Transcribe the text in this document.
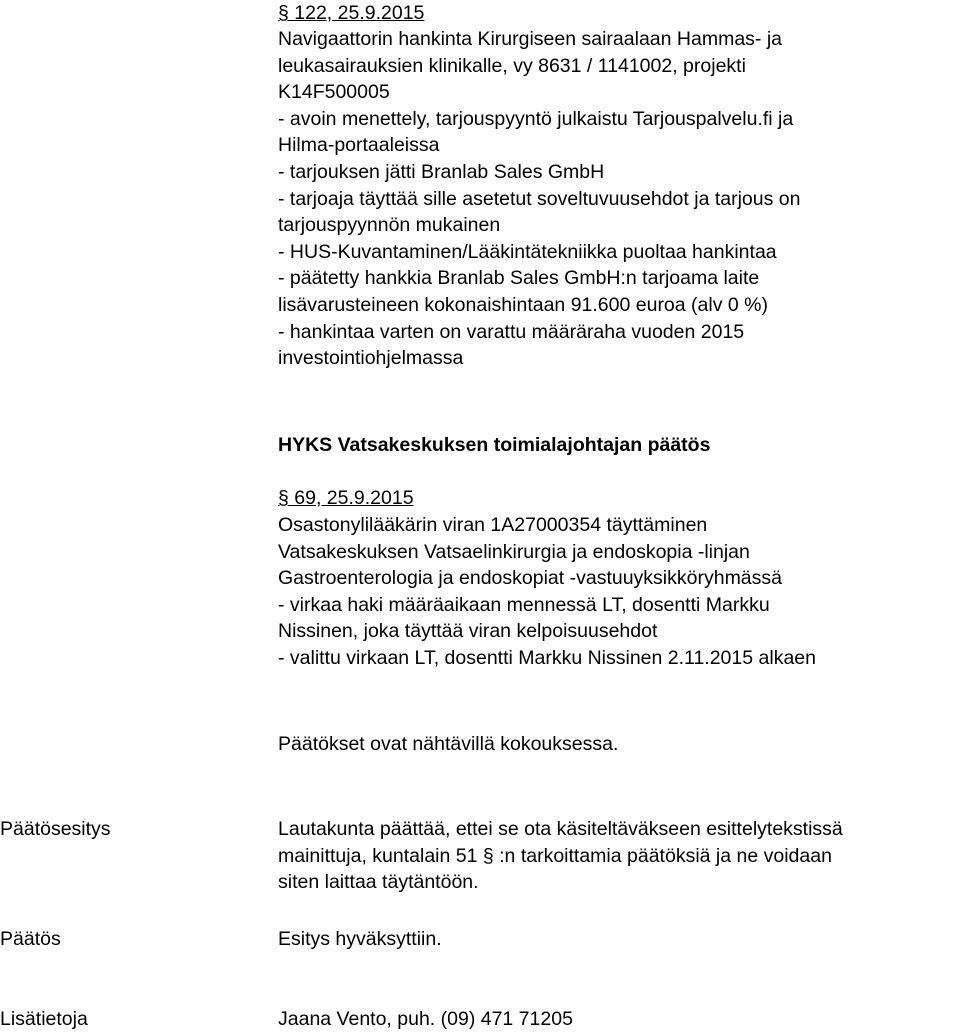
§ 122, 25.9.2015

Navigaattorin hankinta Kirurgiseen sairaalaan Hammas- ja

leukasairauksien klinikalle, vy 8631 / 1141002, projekti

K14F500005

- avoin menettely, tarjouspyyntö julkaistu Tarjouspalvelu.fi ja

Hilma-portaaleissa

- tarjouksen jätti Branlab Sales GmbH

- tarjoaja täyttää sille asetetut soveltuvuusehdot ja tarjous on

tarjouspyynnön mukainen

- HUS-Kuvantaminen/Lääkintätekniikka puoltaa hankintaa

- päätetty hankkia Branlab Sales GmbH:n tarjoama laite

lisävarusteineen kokonaishintaan 91.600 euroa (alv 0 %)

- hankintaa varten on varattu määräraha vuoden 2015

investointiohjelmassa

HYKS Vatsakeskuksen toimialajohtajan päätös

§ 69, 25.9.2015

Osastonylilääkärin viran 1A27000354 täyttäminen

Vatsakeskuksen Vatsaelinkirurgia ja endoskopia -linjan

Gastroenterologia ja endoskopiat -vastuuyksikköryhmässä

- virkaa haki määräaikaan mennessä LT, dosentti Markku

Nissinen, joka täyttää viran kelpoisuusehdot

- valittu virkaan LT, dosentti Markku Nissinen 2.11.2015 alkaen

Päätökset ovat nähtävillä kokouksessa.

Päätösesitys	Lautakunta päättää, ettei se ota käsiteltäväkseen esittelytekstissä

mainittuja, kuntalain 51 § :n tarkoittamia päätöksiä ja ne voidaan

siten laittaa täytäntöön.

Päätös	Esitys hyväksyttiin.

Lisätietoja	Jaana Vento, puh. (09) 471 71205
